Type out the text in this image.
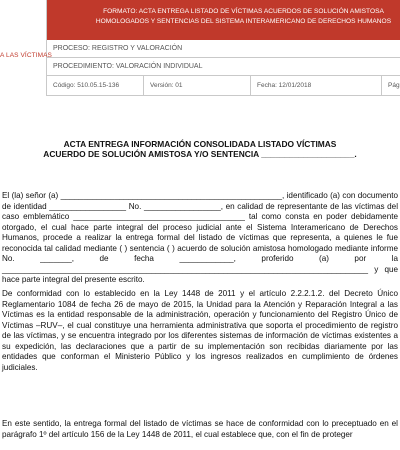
A LAS VÍCTIMAS
FORMATO: ACTA ENTREGA LISTADO DE VÍCTIMAS ACUERDOS DE SOLUCIÓN AMISTOSA HOMOLOGADOS Y SENTENCIAS DEL SISTEMA INTERAMERICANO DE DERECHOS HUMANOS
PROCESO: REGISTRO Y VALORACIÓN
PROCEDIMIENTO: VALORACIÓN INDIVIDUAL
Código: 510.05.15-136	Versión: 01	Fecha: 12/01/2018	Pág
ACTA ENTREGA INFORMACIÓN CONSOLIDADA LISTADO VÍCTIMAS
ACUERDO DE SOLUCIÓN AMISTOSA Y/O SENTENCIA ____________________.

El (la) señor (a) _________________________________________________, identificado (a) con documento de identidad _________________ No. _________________, en calidad de representante de las víctimas del caso emblemático ______________________________________ tal como consta en poder debidamente otorgado, el cual hace parte integral del proceso judicial ante el Sistema Interamericano de Derechos Humanos, procede a realizar la entrega formal del listado de víctimas que representa, a quienes le fue reconocida tal calidad mediante ( ) sentencia ( ) acuerdo de solución amistosa homologado mediante informe No. _______, de fecha ____________, proferido (a) por la _________________________________________________________________________________ y que hace parte integral del presente escrito.

De conformidad con lo establecido en la Ley 1448 de 2011 y el artículo 2.2.2.1.2. del Decreto Único Reglamentario 1084 de fecha 26 de mayo de 2015, la Unidad para la Atención y Reparación Integral a las Víctimas es la entidad responsable de la administración, operación y funcionamiento del Registro Único de Víctimas –RUV–, el cual constituye una herramienta administrativa que soporta el procedimiento de registro de las víctimas, y se encuentra integrado por los diferentes sistemas de información de víctimas existentes a su expedición, las declaraciones que a partir de su implementación son recibidas diariamente por las entidades que conforman el Ministerio Público y los ingresos realizados en cumplimiento de órdenes judiciales.

En este sentido, la entrega formal del listado de víctimas se hace de conformidad con lo preceptuado en el parágrafo 1º del artículo 156 de la Ley 1448 de 2011, el cual establece que, con el fin de proteger
